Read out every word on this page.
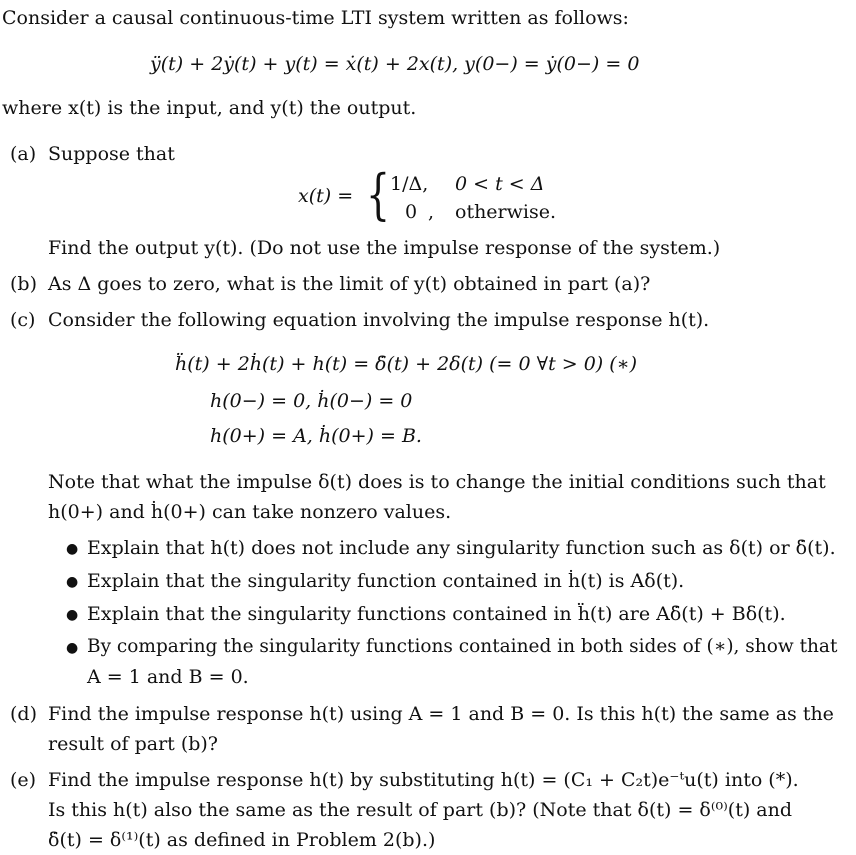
Consider a causal continuous-time LTI system written as follows:
ÿ(t) + 2ẏ(t) + y(t) = ẋ(t) + 2x(t), y(0−) = ẏ(0−) = 0
where x(t) is the input, and y(t) the output.
(a) Suppose that
x(t) = { 1/Δ, 0 < t < Δ
0 , otherwise.
Find the output y(t). (Do not use the impulse response of the system.)
(b) As Δ goes to zero, what is the limit of y(t) obtained in part (a)?
(c) Consider the following equation involving the impulse response h(t).
ḧ(t) + 2ḣ(t) + h(t) = δ̇(t) + 2δ(t) (= 0 ∀t > 0) (∗)
h(0−) = 0, ḣ(0−) = 0
h(0+) = A, ḣ(0+) = B.
Note that what the impulse δ(t) does is to change the initial conditions such that
h(0+) and ḣ(0+) can take nonzero values.
● Explain that h(t) does not include any singularity function such as δ(t) or δ̇(t).
● Explain that the singularity function contained in ḣ(t) is Aδ(t).
● Explain that the singularity functions contained in ḧ(t) are Aδ̇(t) + Bδ(t).
● By comparing the singularity functions contained in both sides of (∗), show that
A = 1 and B = 0.
(d) Find the impulse response h(t) using A = 1 and B = 0. Is this h(t) the same as the
result of part (b)?
(e) Find the impulse response h(t) by substituting h(t) = (C₁ + C₂t)e⁻ᵗu(t) into (*).
Is this h(t) also the same as the result of part (b)? (Note that δ(t) = δ⁽⁰⁾(t) and
δ̇(t) = δ⁽¹⁾(t) as defined in Problem 2(b).)
